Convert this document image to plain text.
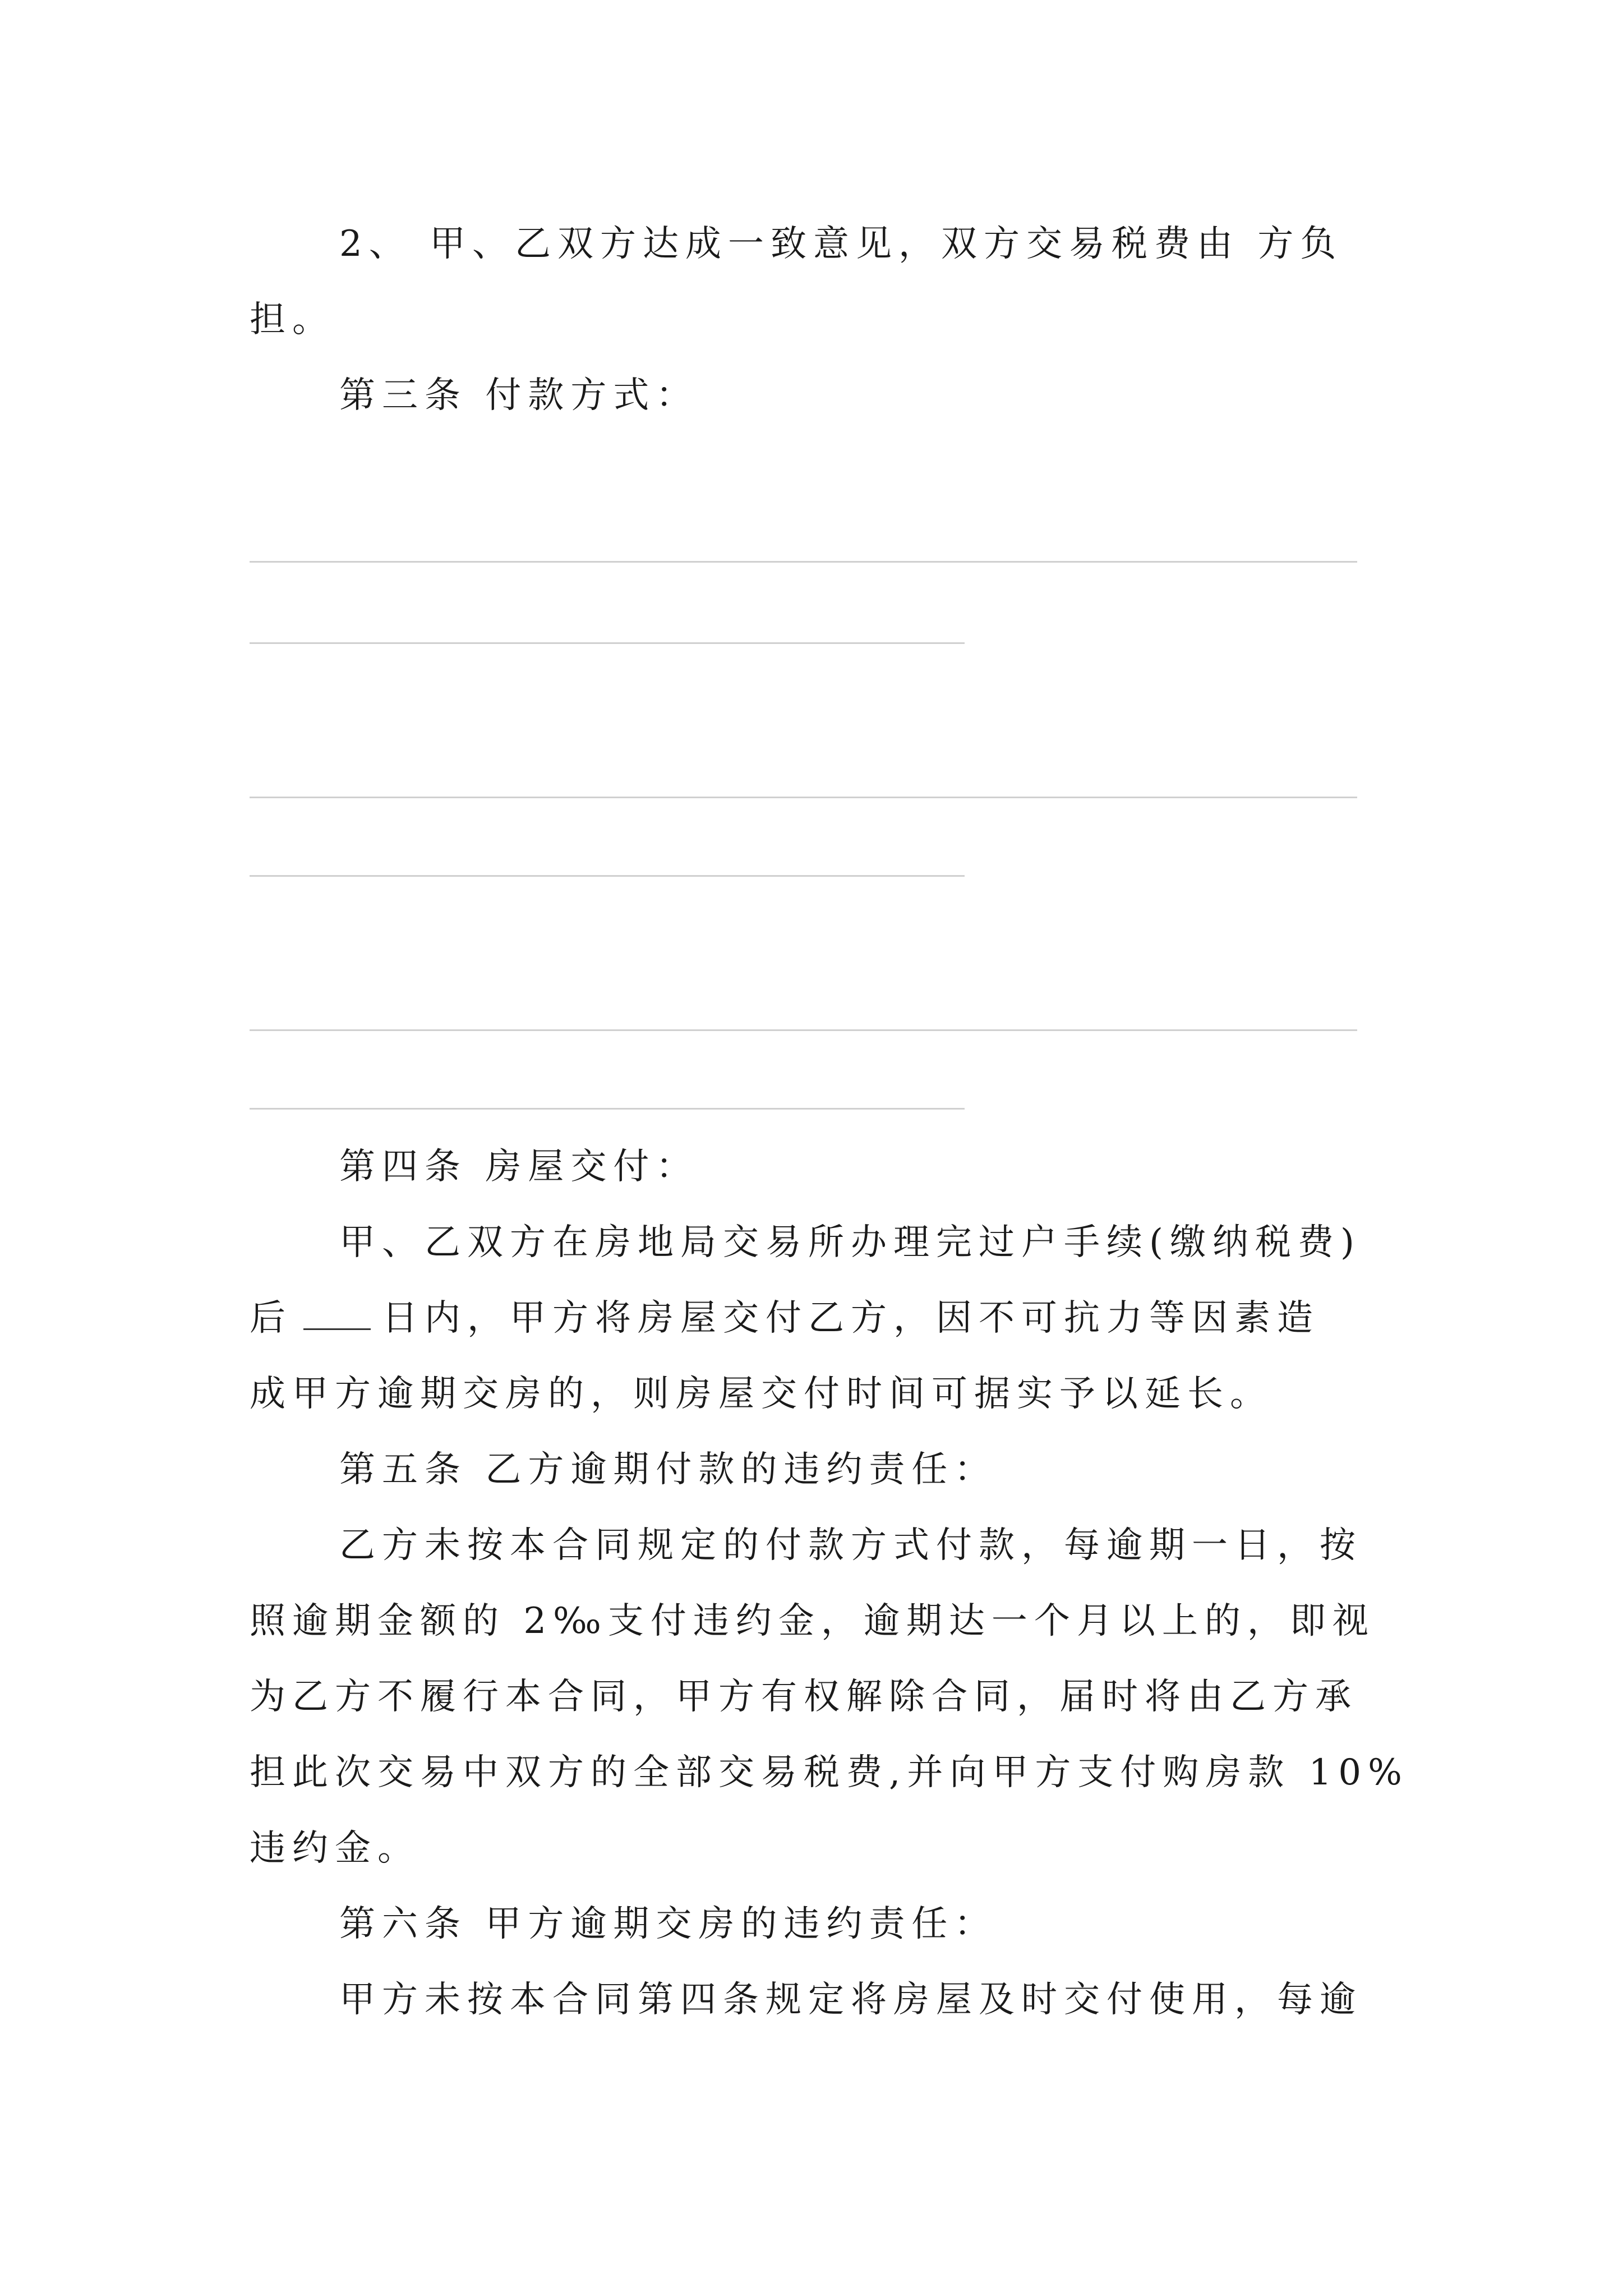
2、 甲、乙双方达成一致意见，双方交易税费由 方负
担。
第三条 付款方式：
第四条 房屋交付：
甲、乙双方在房地局交易所办理完过户手续(缴纳税费)
后	日内，甲方将房屋交付乙方，因不可抗力等因素造
成甲方逾期交房的，则房屋交付时间可据实予以延长。
第五条 乙方逾期付款的违约责任：
乙方未按本合同规定的付款方式付款，每逾期一日，按
照逾期金额的 2‰支付违约金，逾期达一个月以上的，即视
为乙方不履行本合同，甲方有权解除合同，届时将由乙方承
担此次交易中双方的全部交易税费,并向甲方支付购房款 10%
违约金。
第六条 甲方逾期交房的违约责任：
甲方未按本合同第四条规定将房屋及时交付使用，每逾
